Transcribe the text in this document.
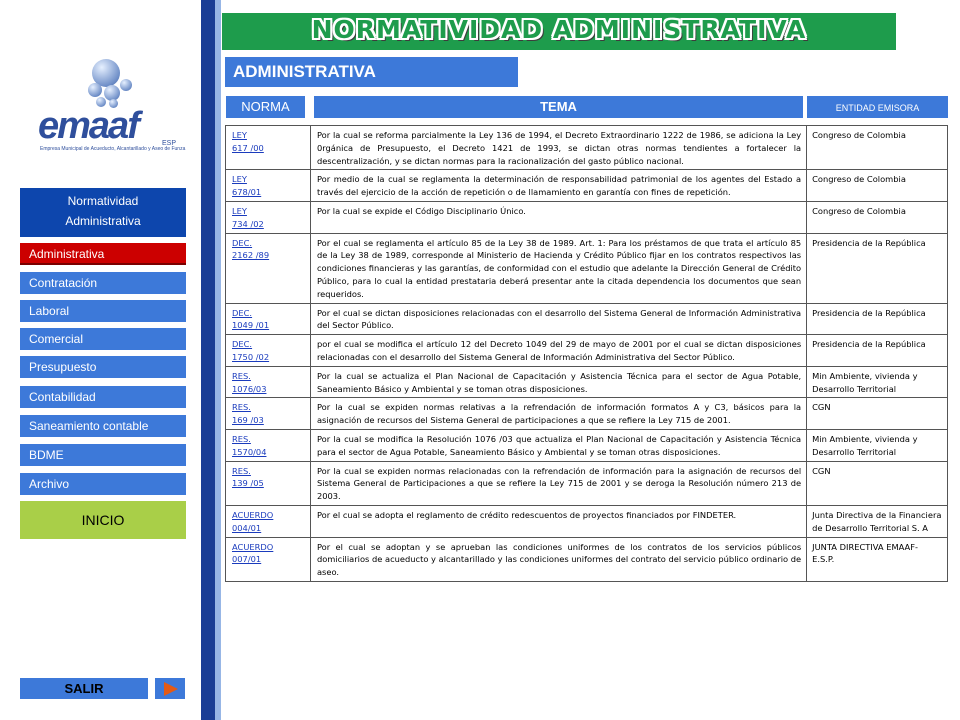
emaaf	ESP
Empresa Municipal de Acueducto, Alcantarillado y Aseo de Funza
Normatividad
Administrativa
Administrativa
Contratación
Laboral
Comercial
Presupuesto
Contabilidad
Saneamiento contable
BDME
Archivo
INICIO
SALIR
NORMATIVIDAD ADMINISTRATIVA
ADMINISTRATIVA
NORMA	TEMA	ENTIDAD EMISORA
LEY
617 /00	Por la cual se reforma parcialmente la Ley 136 de 1994, el Decreto Extraordinario 1222 de 1986, se adiciona la Ley 0rgánica de Presupuesto, el Decreto 1421 de 1993, se dictan otras normas tendientes a fortalecer la descentralización, y se dictan normas para la racionalización del gasto público nacional.	Congreso de Colombia
LEY
678/01	Por medio de la cual se reglamenta la determinación de responsabilidad patrimonial de los agentes del Estado a través del ejercicio de la acción de repetición o de llamamiento en garantía con fines de repetición.	Congreso de Colombia
LEY
734 /02	Por la cual se expide el Código Disciplinario Único.	Congreso de Colombia
DEC.
2162 /89	Por el cual se reglamenta el artículo 85 de la Ley 38 de 1989. Art. 1: Para los préstamos de que trata el artículo 85 de la Ley 38 de 1989, corresponde al Ministerio de Hacienda y Crédito Público fijar en los contratos respectivos las condiciones financieras y las garantías, de conformidad con el estudio que adelante la Dirección General de Crédito Público, para lo cual la entidad prestataria deberá presentar ante la citada dependencia los documentos que sean requeridos.	Presidencia de la República
DEC.
1049 /01	Por el cual se dictan disposiciones relacionadas con el desarrollo del Sistema General de Información Administrativa del Sector Público.	Presidencia de la República
DEC.
1750 /02	por el cual se modifica el artículo 12 del Decreto 1049 del 29 de mayo de 2001 por el cual se dictan disposiciones relacionadas con el desarrollo del Sistema General de Información Administrativa del Sector Público.	Presidencia de la República
RES.
1076/03	Por la cual se actualiza el Plan Nacional de Capacitación y Asistencia Técnica para el sector de Agua Potable, Saneamiento Básico y Ambiental y se toman otras disposiciones.	Min Ambiente, vivienda y Desarrollo Territorial
RES.
169 /03	Por la cual se expiden normas relativas a la refrendación de información formatos A y C3, básicos para la asignación de recursos del Sistema General de participaciones a que se refiere la Ley 715 de 2001.	CGN
RES.
1570/04	Por la cual se modifica la Resolución 1076 /03 que actualiza el Plan Nacional de Capacitación y Asistencia Técnica para el sector de Agua Potable, Saneamiento Básico y Ambiental y se toman otras disposiciones.	Min Ambiente, vivienda y Desarrollo Territorial
RES.
139 /05	Por la cual se expiden normas relacionadas con la refrendación de información para la asignación de recursos del Sistema General de Participaciones a que se refiere la Ley 715 de 2001 y se deroga la Resolución número 213 de 2003.	CGN
ACUERDO
004/01	Por el cual se adopta el reglamento de crédito redescuentos de proyectos financiados por FINDETER.	Junta Directiva de la Financiera de Desarrollo Territorial S. A
ACUERDO
007/01	Por el cual se adoptan y se aprueban las condiciones uniformes de los contratos de los servicios públicos domiciliarios de acueducto y alcantarillado y las condiciones uniformes del contrato del servicio público ordinario de aseo.	JUNTA DIRECTIVA EMAAF- E.S.P.
